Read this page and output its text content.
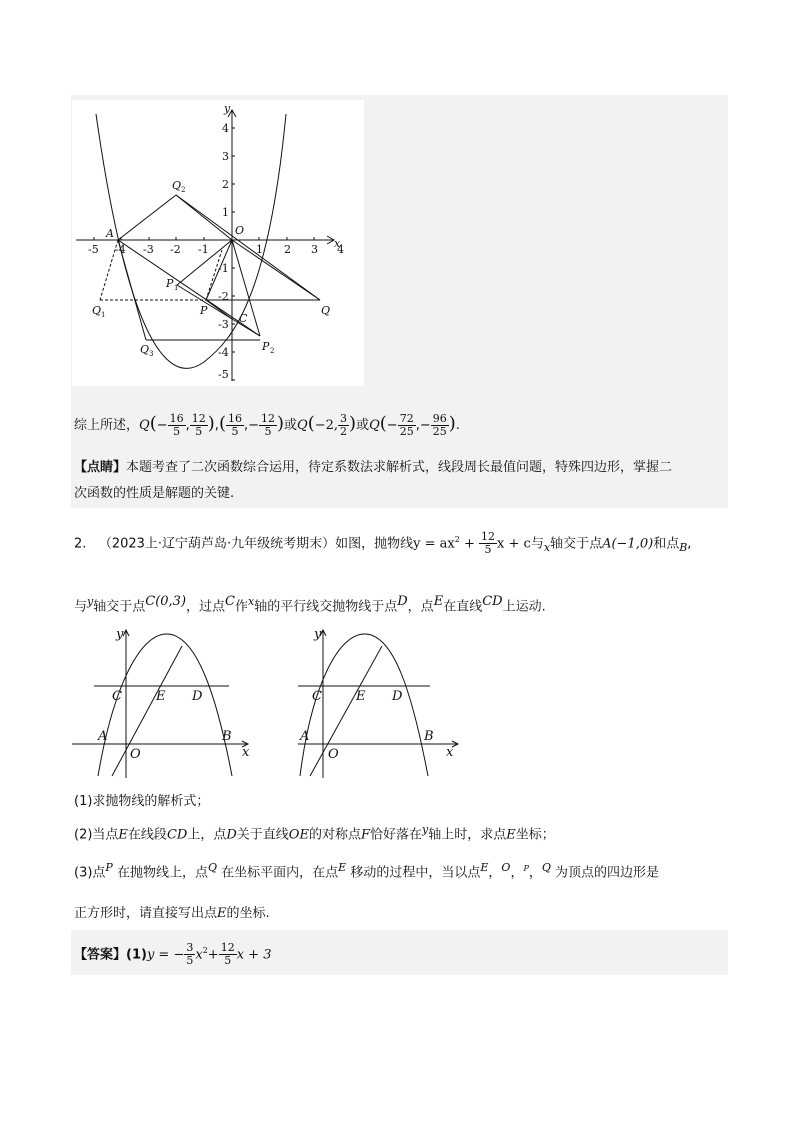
x
y
-5 -4 -3 -2 -1	1 2 3 4
4
3
2
1
-1
-2
-3
-4
-5
O
A
Q 2
Q 1
Q 3
P 1
P 2
P
C
Q
综上所述，$Q(- \frac{16}{5}$ , $\frac{12}{5}$ ),( $\frac{16}{5}$ ,− $\frac{12}{5}$ )或Q(−2, $\frac{3}{2}$ )或$Q(- \frac{72}{25}$ ,− $\frac{96}{25}$ ).
【点睛】本题考查了二次函数综合运用，待定系数法求解析式，线段周长最值问题，特殊四边形，掌握二
次函数的性质是解题的关键.
2. （2023上·辽宁葫芦岛·九年级统考期末）如图，抛物线$y = ax^2 + \frac{12}{5}$ x + c与$_x$轴交于点A(−1,0)和点$_B$,
与$^y$轴交于点C(0,3)，过点C作$^x$轴的平行线交抛物线于点D，点E在直线CD上运动.
y
C	E D
A
O
B
x
y
C	E D
A
O
B
x
(1)求抛物线的解析式；
(2)当点E在线段CD上，点D关于直线OE的对称点F恰好落在$^y$轴上时，求点E坐标；
(3)点$^P$ 在抛物线上，点$^Q$ 在坐标平面内，在点$^E$ 移动的过程中，当以点$^E$，$^O$，$^P$，$^Q$ 为顶点的四边形是
正方形时，请直接写出点E的坐标.
【答案】(1)y = − $\frac{3}{5} x^2+ \frac{12}{5}$ x + 3
